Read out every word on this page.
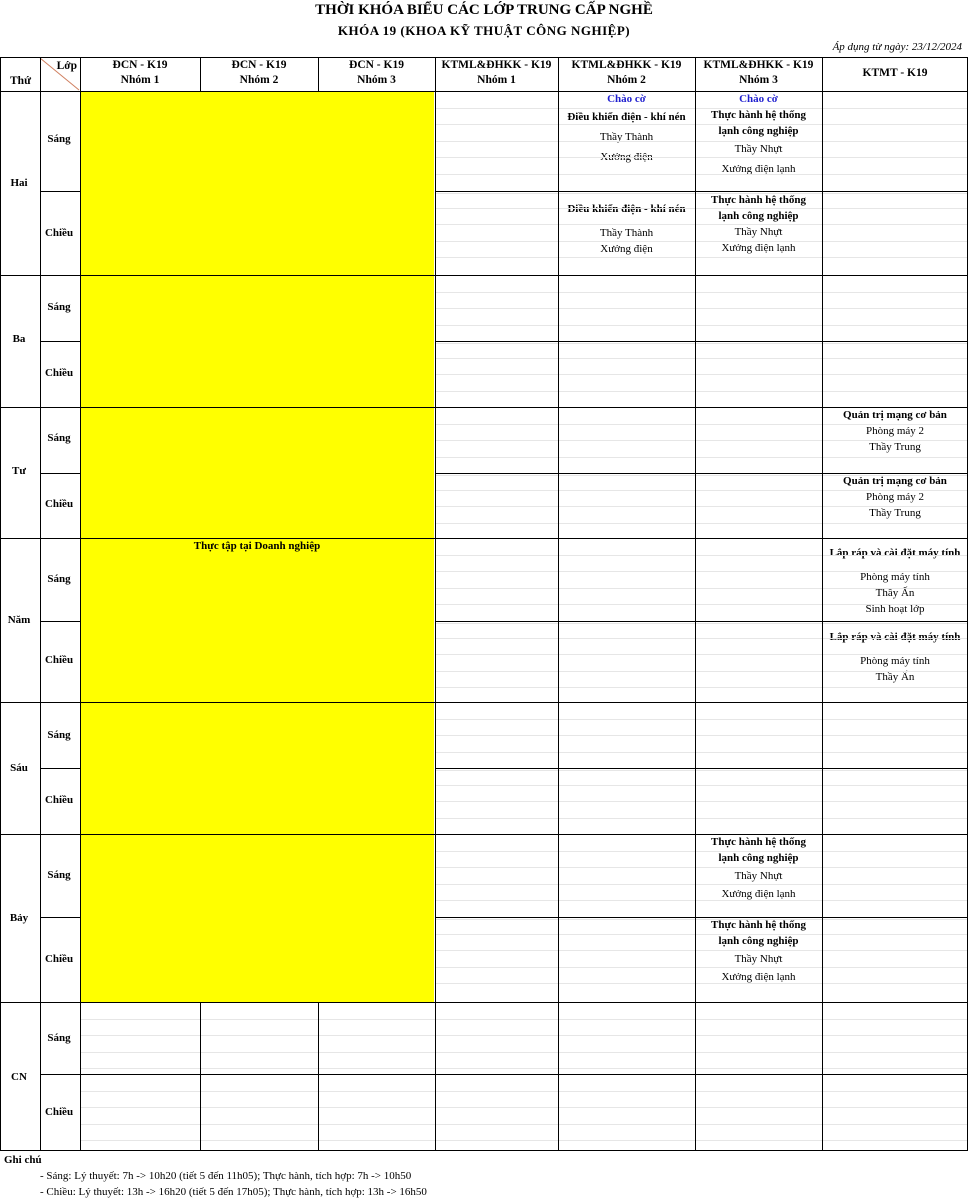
THỜI KHÓA BIỂU CÁC LỚP TRUNG CẤP NGHỀ
KHÓA 19 (KHOA KỸ THUẬT CÔNG NGHIỆP)
Áp dụng từ ngày: 23/12/2024
Thực tập tại Doanh nghiệp
Lớp
Thứ
ĐCN - K19
Nhóm 1
ĐCN - K19
Nhóm 2
ĐCN - K19
Nhóm 3
KTML&ĐHKK - K19
Nhóm 1
KTML&ĐHKK - K19
Nhóm 2
KTML&ĐHKK - K19
Nhóm 3
KTMT - K19
Hai
Ba
Tư
Năm
Sáu
Bảy
CN
Sáng
Chiều
Sáng
Chiều
Sáng
Chiều
Sáng
Chiều
Sáng
Chiều
Sáng
Chiều
Sáng
Chiều
Chào cờ
Điều khiển điện - khí nén
Thầy Thành
Xưởng điện
Chào cờ
Thực hành hệ thống
lạnh công nghiệp
Thầy Nhựt
Xưởng điện lạnh
Điều khiển điện - khí nén
Thầy Thành
Xưởng điện
Thực hành hệ thống
lạnh công nghiệp
Thầy Nhựt
Xưởng điện lạnh
Quản trị mạng cơ bản
Phòng máy 2
Thầy Trung
Quản trị mạng cơ bản
Phòng máy 2
Thầy Trung
Lắp ráp và cài đặt máy tính
Phòng máy tính
Thầy Ấn
Sinh hoạt lớp
Lắp ráp và cài đặt máy tính
Phòng máy tính
Thầy Ấn
Thực hành hệ thống
lạnh công nghiệp
Thầy Nhựt
Xưởng điện lạnh
Thực hành hệ thống
lạnh công nghiệp
Thầy Nhựt
Xưởng điện lạnh
Ghi chú
- Sáng: Lý thuyết: 7h -> 10h20 (tiết 5 đến 11h05); Thực hành, tích hợp: 7h -> 10h50
- Chiều: Lý thuyết: 13h -> 16h20 (tiết 5 đến 17h05); Thực hành, tích hợp: 13h -> 16h50
